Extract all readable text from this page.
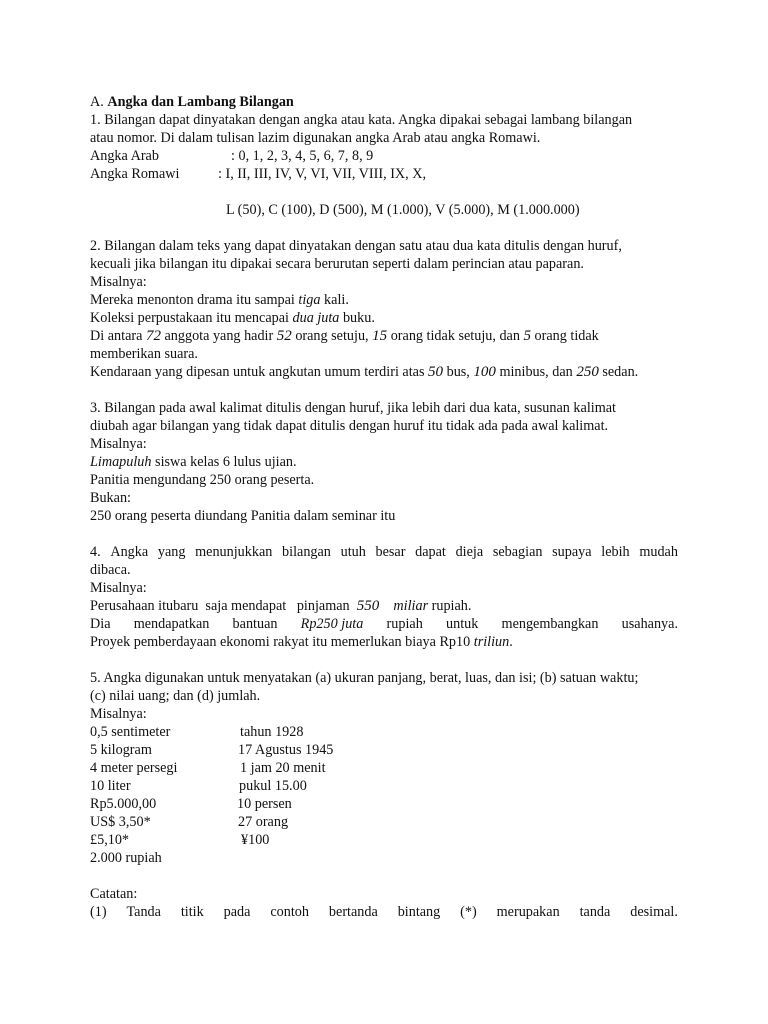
A. Angka dan Lambang Bilangan
1. Bilangan dapat dinyatakan dengan angka atau kata. Angka dipakai sebagai lambang bilangan
atau nomor. Di dalam tulisan lazim digunakan angka Arab atau angka Romawi.
Angka Arab	: 0, 1, 2, 3, 4, 5, 6, 7, 8, 9
Angka Romawi	: I, II, III, IV, V, VI, VII, VIII, IX, X,
L (50), C (100), D (500), M (1.000), V (5.000), M (1.000.000)
2. Bilangan dalam teks yang dapat dinyatakan dengan satu atau dua kata ditulis dengan huruf,
kecuali jika bilangan itu dipakai secara berurutan seperti dalam perincian atau paparan.
Misalnya:
Mereka menonton drama itu sampai tiga kali.
Koleksi perpustakaan itu mencapai dua juta buku.
Di antara 72 anggota yang hadir 52 orang setuju, 15 orang tidak setuju, dan 5 orang tidak
memberikan suara.
Kendaraan yang dipesan untuk angkutan umum terdiri atas 50 bus, 100 minibus, dan 250 sedan.
3. Bilangan pada awal kalimat ditulis dengan huruf, jika lebih dari dua kata, susunan kalimat
diubah agar bilangan yang tidak dapat ditulis dengan huruf itu tidak ada pada awal kalimat.
Misalnya:
Limapuluh siswa kelas 6 lulus ujian.
Panitia mengundang 250 orang peserta.
Bukan:
250 orang peserta diundang Panitia dalam seminar itu
4. Angka yang menunjukkan bilangan utuh besar dapat dieja sebagian supaya lebih mudah
dibaca.
Misalnya:
Perusahaan itubaru  saja mendapat   pinjaman  550 miliar rupiah.
Dia mendapatkan bantuan Rp250 juta rupiah untuk mengembangkan usahanya.
Proyek pemberdayaan ekonomi rakyat itu memerlukan biaya Rp10 triliun.
5. Angka digunakan untuk menyatakan (a) ukuran panjang, berat, luas, dan isi; (b) satuan waktu;
(c) nilai uang; dan (d) jumlah.
Misalnya:
0,5 sentimeter	tahun 1928
5 kilogram	17 Agustus 1945
4 meter persegi	1 jam 20 menit
10 liter	pukul 15.00
Rp5.000,00	10 persen
US$ 3,50*	27 orang
£5,10*	¥100
2.000 rupiah
Catatan:
(1) Tanda titik pada contoh bertanda bintang (*) merupakan tanda desimal.
